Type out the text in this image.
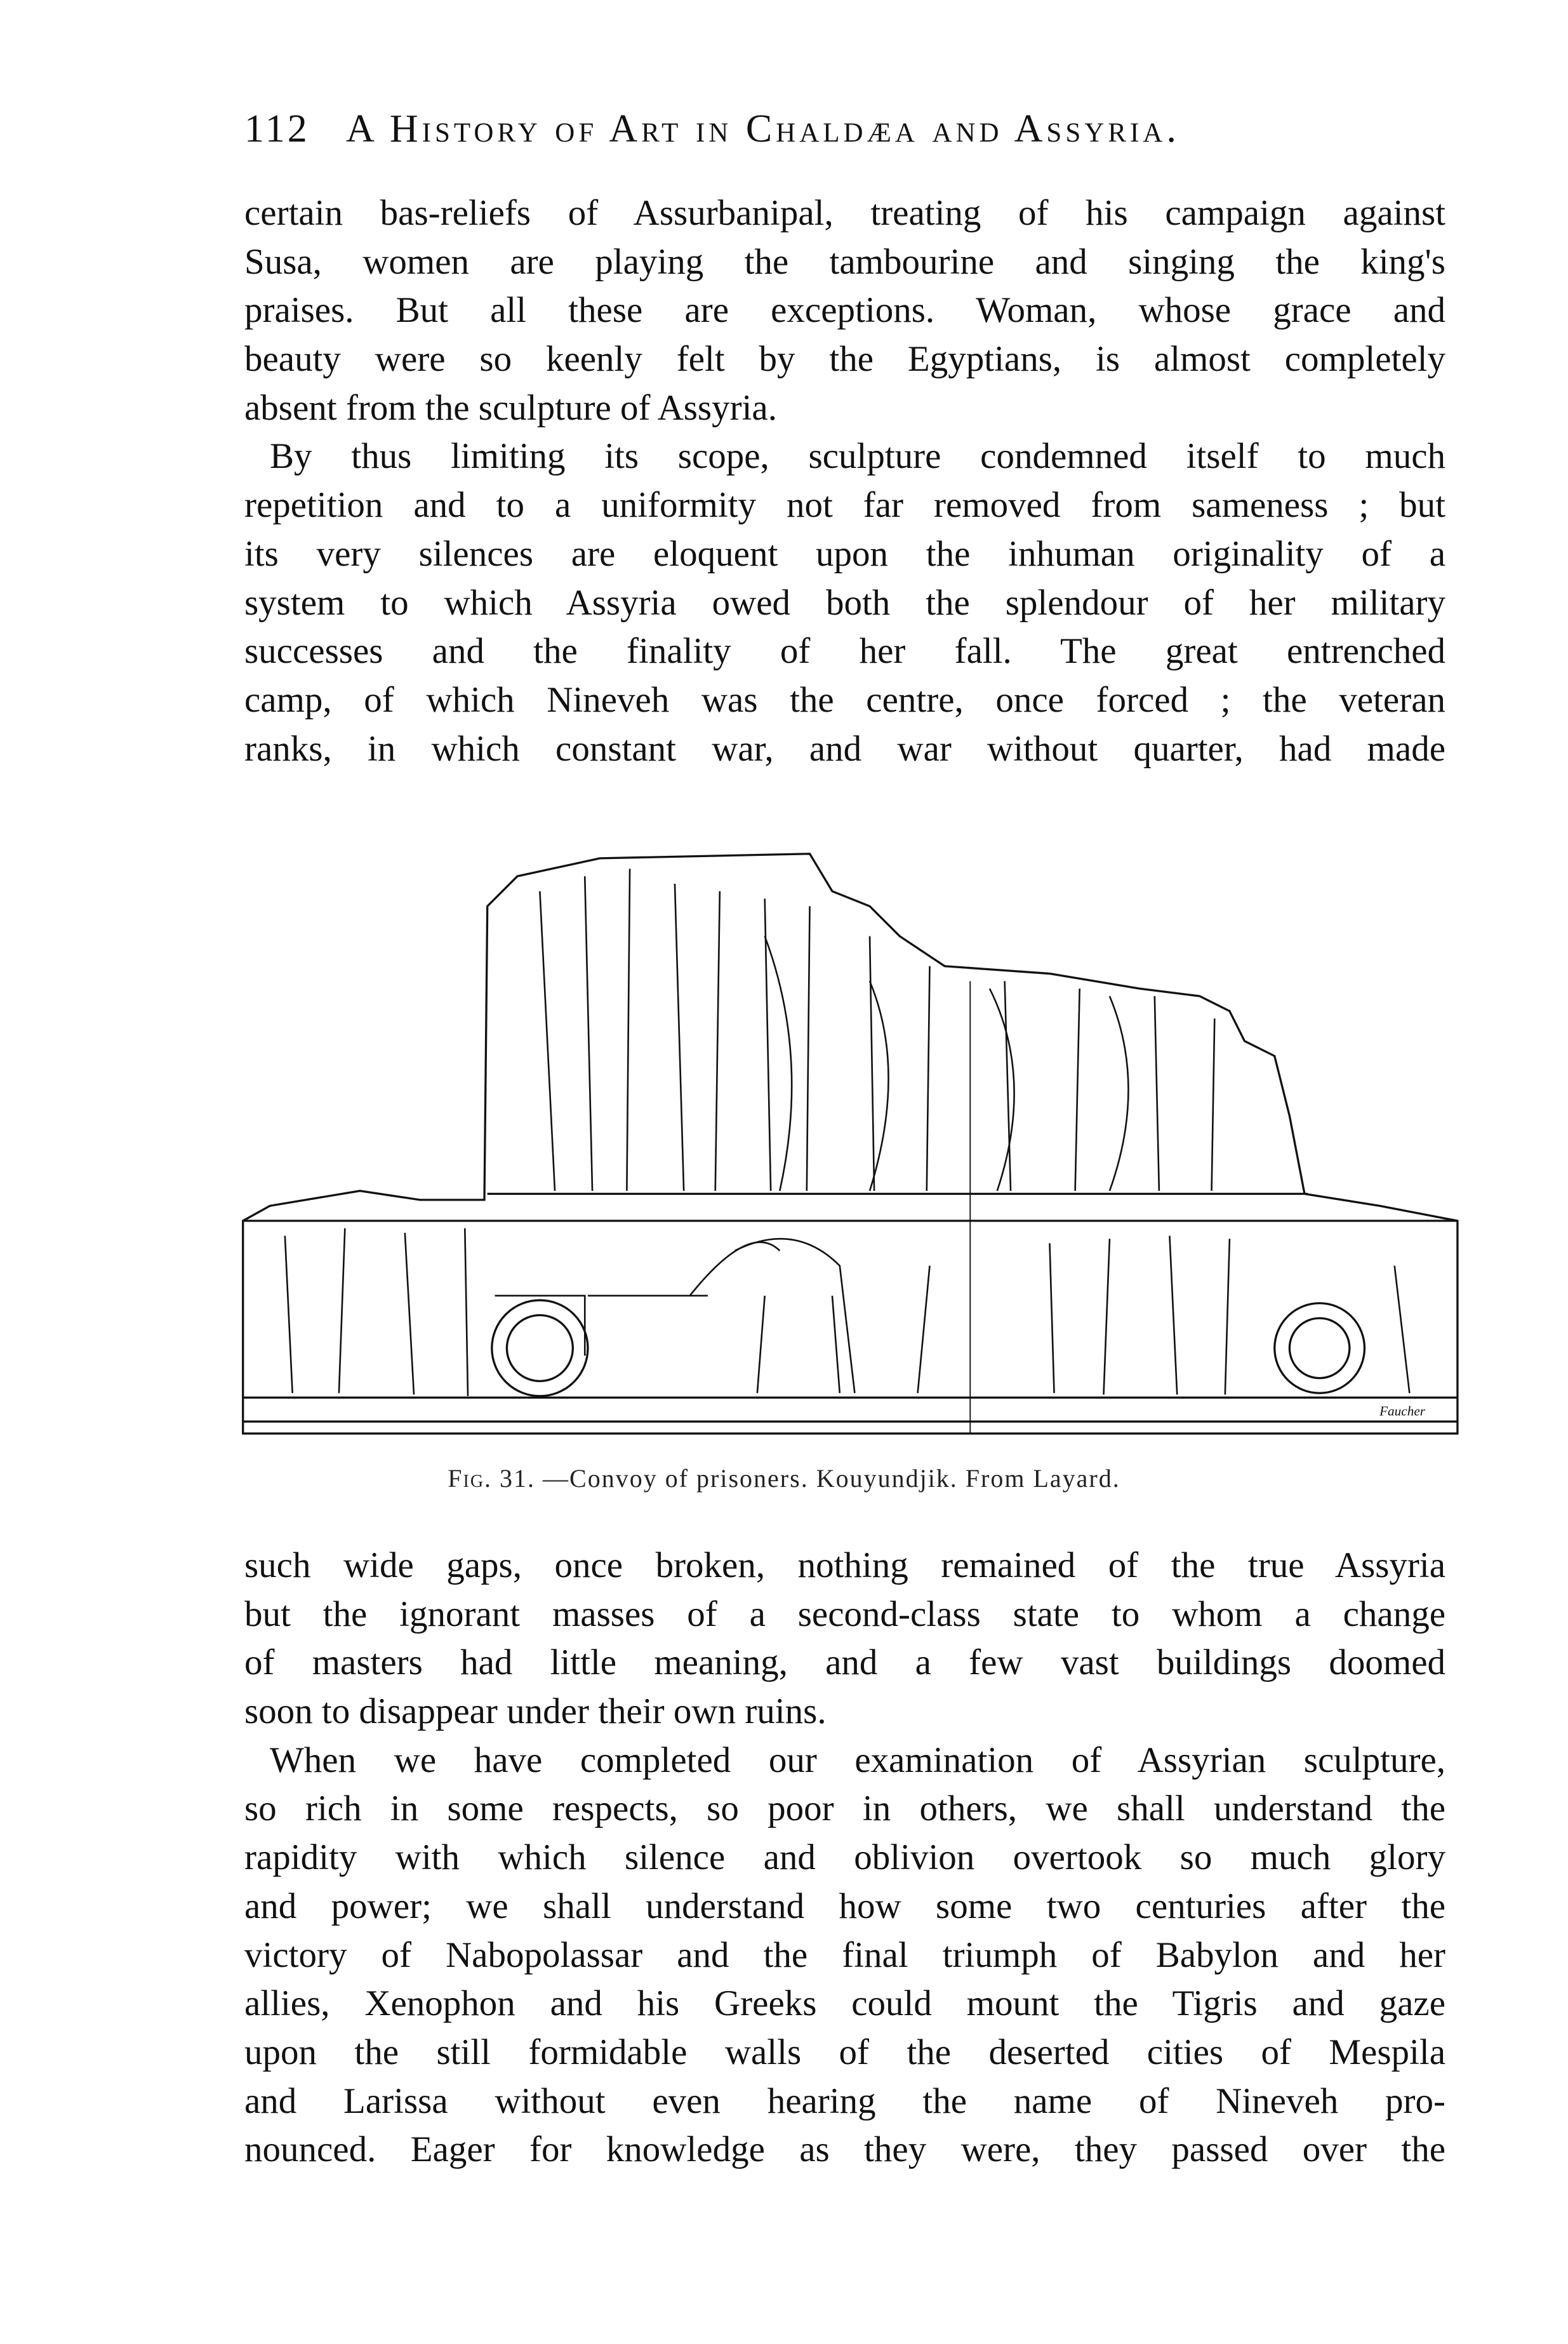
112 A History of Art in Chaldæa and Assyria.
certain bas-reliefs of Assurbanipal, treating of his campaign against
Susa, women are playing the tambourine and singing the king's
praises. But all these are exceptions. Woman, whose grace and
beauty were so keenly felt by the Egyptians, is almost completely
absent from the sculpture of Assyria.
By thus limiting its scope, sculpture condemned itself to much
repetition and to a uniformity not far removed from sameness ; but
its very silences are eloquent upon the inhuman originality of a
system to which Assyria owed both the splendour of her military
successes and the finality of her fall. The great entrenched
camp, of which Nineveh was the centre, once forced ; the veteran
ranks, in which constant war, and war without quarter, had made
Faucher
Fig. 31. —Convoy of prisoners. Kouyundjik. From Layard.
such wide gaps, once broken, nothing remained of the true Assyria
but the ignorant masses of a second-class state to whom a change
of masters had little meaning, and a few vast buildings doomed
soon to disappear under their own ruins.
When we have completed our examination of Assyrian sculpture,
so rich in some respects, so poor in others, we shall understand the
rapidity with which silence and oblivion overtook so much glory
and power; we shall understand how some two centuries after the
victory of Nabopolassar and the final triumph of Babylon and her
allies, Xenophon and his Greeks could mount the Tigris and gaze
upon the still formidable walls of the deserted cities of Mespila
and Larissa without even hearing the name of Nineveh pro-
nounced. Eager for knowledge as they were, they passed over the
